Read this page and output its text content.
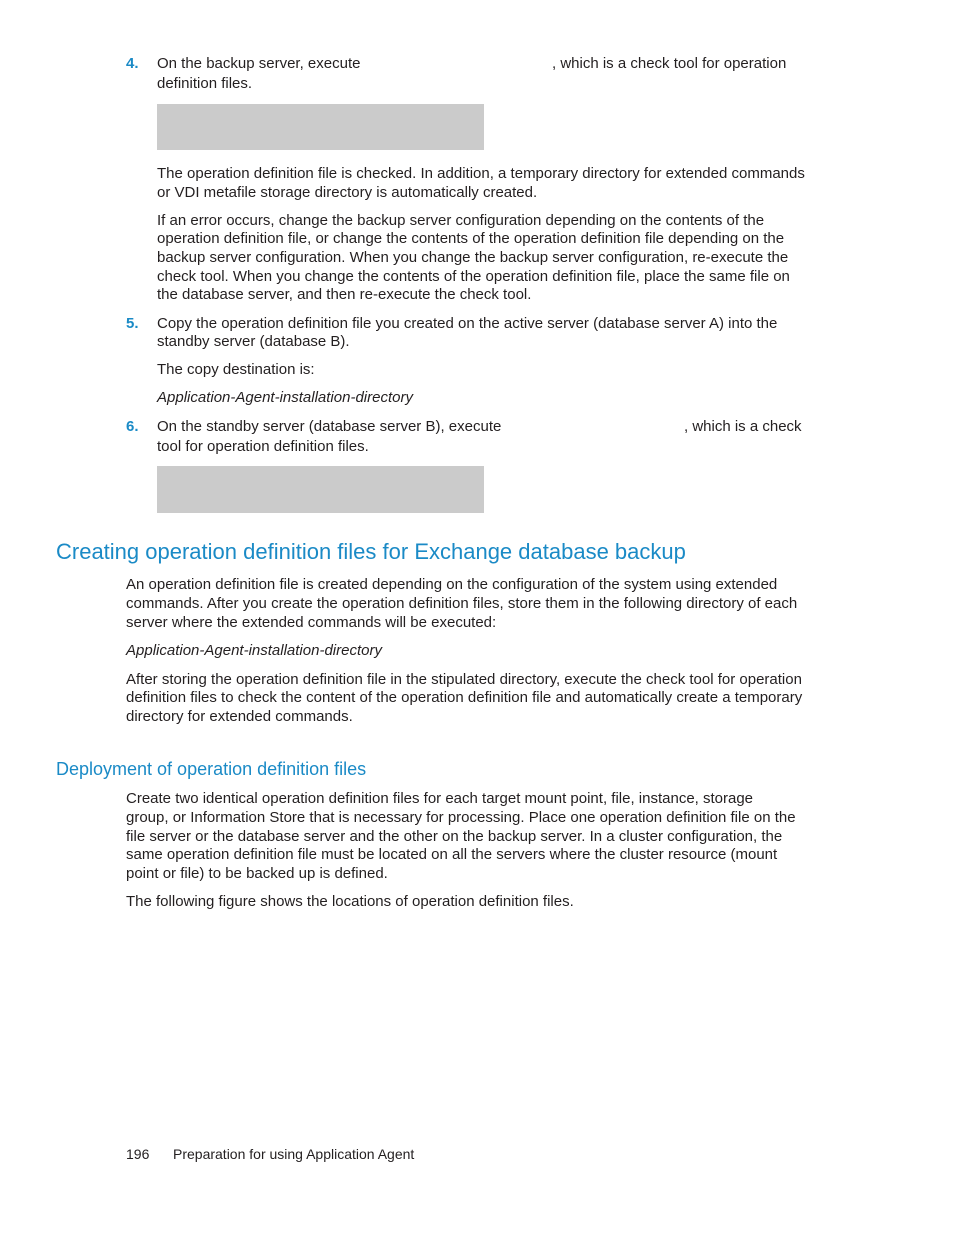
4. On the backup server, execute	, which is a check tool for operation

definition files.

The operation definition file is checked. In addition, a temporary directory for extended commands

or VDI metafile storage directory is automatically created.

If an error occurs, change the backup server configuration depending on the contents of the

operation definition file, or change the contents of the operation definition file depending on the

backup server configuration. When you change the backup server configuration, re-execute the

check tool. When you change the contents of the operation definition file, place the same file on

the database server, and then re-execute the check tool.

5. Copy the operation definition file you created on the active server (database server A) into the

standby server (database B).

The copy destination is:

Application-Agent-installation-directory

6. On the standby server (database server B), execute	, which is a check

tool for operation definition files.

Creating operation definition files for Exchange database backup

An operation definition file is created depending on the configuration of the system using extended

commands. After you create the operation definition files, store them in the following directory of each

server where the extended commands will be executed:

Application-Agent-installation-directory

After storing the operation definition file in the stipulated directory, execute the check tool for operation

definition files to check the content of the operation definition file and automatically create a temporary

directory for extended commands.

Deployment of operation definition files

Create two identical operation definition files for each target mount point, file, instance, storage

group, or Information Store that is necessary for processing. Place one operation definition file on the

file server or the database server and the other on the backup server. In a cluster configuration, the

same operation definition file must be located on all the servers where the cluster resource (mount

point or file) to be backed up is defined.

The following figure shows the locations of operation definition files.

196 Preparation for using Application Agent
